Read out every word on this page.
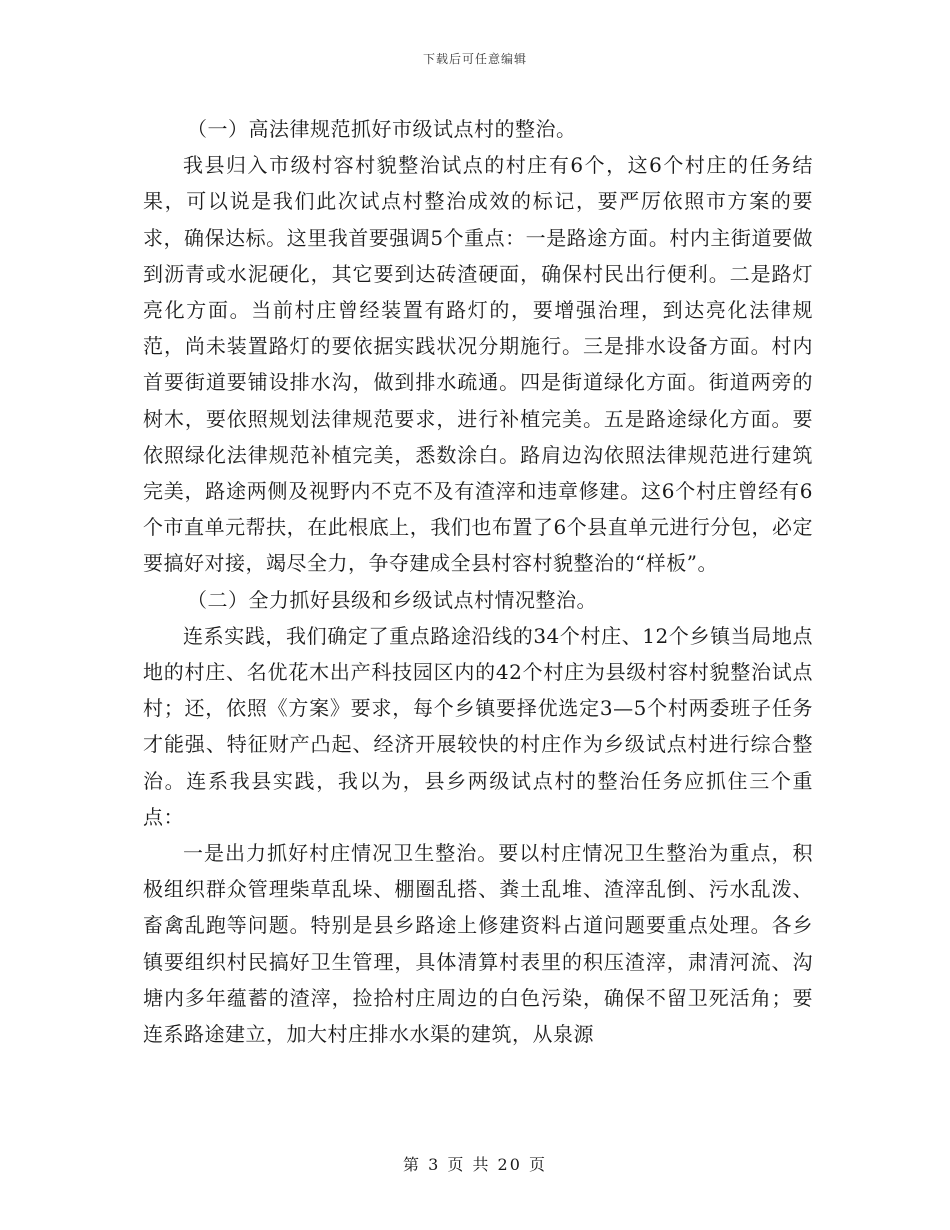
下载后可任意编辑

（一）高法律规范抓好市级试点村的整治。

我县归入市级村容村貌整治试点的村庄有6个，这6个村庄的任务结果，可以说是我们此次试点村整治成效的标记，要严厉依照市方案的要求，确保达标。这里我首要强调5个重点：一是路途方面。村内主街道要做到沥青或水泥硬化，其它要到达砖渣硬面，确保村民出行便利。二是路灯亮化方面。当前村庄曾经装置有路灯的，要增强治理，到达亮化法律规范，尚未装置路灯的要依据实践状况分期施行。三是排水设备方面。村内首要街道要铺设排水沟，做到排水疏通。四是街道绿化方面。街道两旁的树木，要依照规划法律规范要求，进行补植完美。五是路途绿化方面。要依照绿化法律规范补植完美，悉数涂白。路肩边沟依照法律规范进行建筑完美，路途两侧及视野内不克不及有渣滓和违章修建。这6个村庄曾经有6个市直单元帮扶，在此根底上，我们也布置了6个县直单元进行分包，必定要搞好对接，竭尽全力，争夺建成全县村容村貌整治的“样板”。

（二）全力抓好县级和乡级试点村情况整治。

连系实践，我们确定了重点路途沿线的34个村庄、12个乡镇当局地点地的村庄、名优花木出产科技园区内的42个村庄为县级村容村貌整治试点村；还，依照《方案》要求，每个乡镇要择优选定3—5个村两委班子任务才能强、特征财产凸起、经济开展较快的村庄作为乡级试点村进行综合整治。连系我县实践，我以为，县乡两级试点村的整治任务应抓住三个重点：

一是出力抓好村庄情况卫生整治。要以村庄情况卫生整治为重点，积极组织群众管理柴草乱垛、棚圈乱搭、粪土乱堆、渣滓乱倒、污水乱泼、畜禽乱跑等问题。特别是县乡路途上修建资料占道问题要重点处理。各乡镇要组织村民搞好卫生管理，具体清算村表里的积压渣滓，肃清河流、沟塘内多年蕴蓄的渣滓，捡拾村庄周边的白色污染，确保不留卫死活角；要连系路途建立，加大村庄排水水渠的建筑，从泉源

第 3 页 共 20 页
